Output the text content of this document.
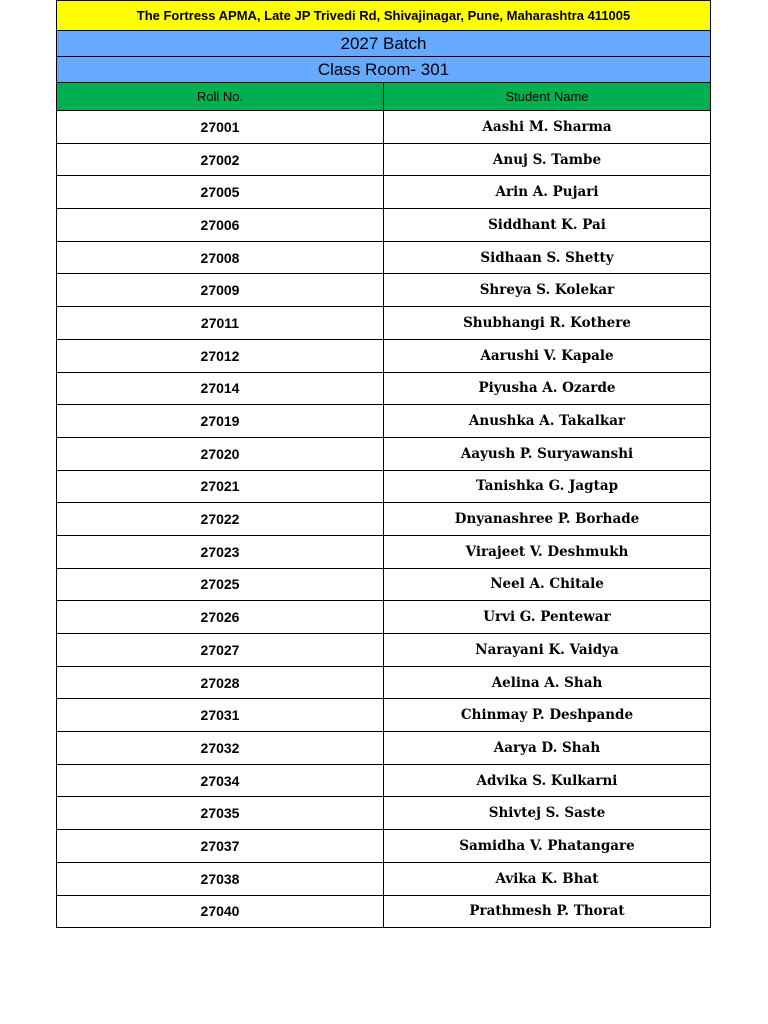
The Fortress APMA, Late JP Trivedi Rd, Shivajinagar, Pune, Maharashtra 411005
2027 Batch
Class Room- 301
Roll No.	Student Name
27001	Aashi M. Sharma
27002	Anuj S. Tambe
27005	Arin A. Pujari
27006	Siddhant K. Pai
27008	Sidhaan S. Shetty
27009	Shreya S. Kolekar
27011	Shubhangi R. Kothere
27012	Aarushi V. Kapale
27014	Piyusha A. Ozarde
27019	Anushka A. Takalkar
27020	Aayush P. Suryawanshi
27021	Tanishka G. Jagtap
27022	Dnyanashree P. Borhade
27023	Virajeet V. Deshmukh
27025	Neel A. Chitale
27026	Urvi G. Pentewar
27027	Narayani K. Vaidya
27028	Aelina A. Shah
27031	Chinmay P. Deshpande
27032	Aarya D. Shah
27034	Advika S. Kulkarni
27035	Shivtej S. Saste
27037	Samidha V. Phatangare
27038	Avika K. Bhat
27040	Prathmesh P. Thorat
